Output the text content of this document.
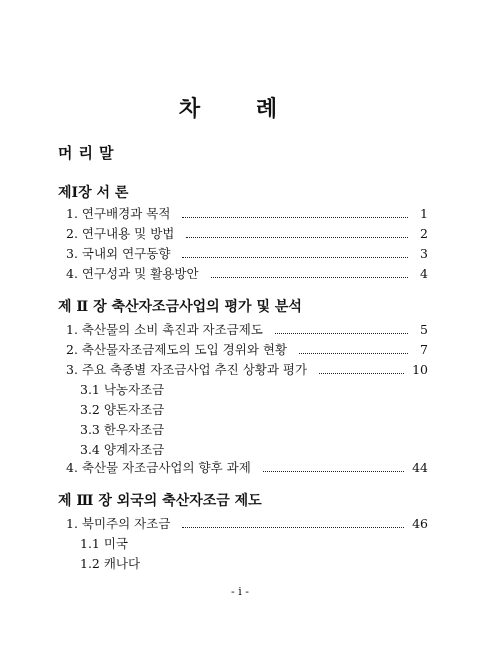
차 례
머리말
제Ⅰ장 서 론
1. 연구배경과 목적	1
2. 연구내용 및 방법	2
3. 국내외 연구동향	3
4. 연구성과 및 활용방안	4
제 Ⅱ 장 축산자조금사업의 평가 및 분석
1. 축산물의 소비 촉진과 자조금제도	5
2. 축산물자조금제도의 도입 경위와 현황	7
3. 주요 축종별 자조금사업 추진 상황과 평가	10
3.1 낙농자조금
3.2 양돈자조금
3.3 한우자조금
3.4 양계자조금
4. 축산물 자조금사업의 향후 과제	44
제 Ⅲ 장 외국의 축산자조금 제도
1. 북미주의 자조금	46
1.1 미국
1.2 캐나다
- i -
